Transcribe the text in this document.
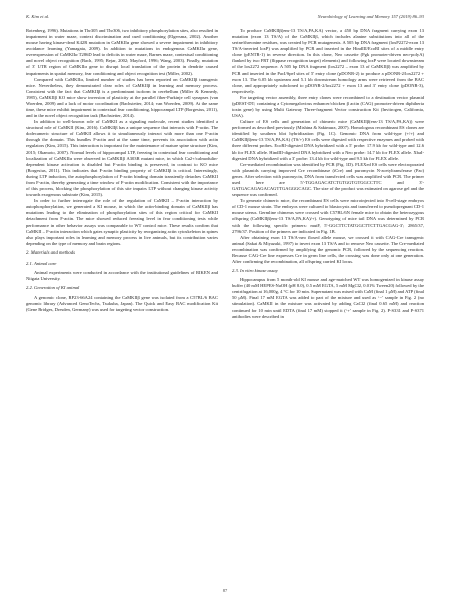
K. Kim et al.	Neurobiology of Learning and Memory 157 (2019) 86–93

Rotenberg, 1996). Mutations in Thr305 and Thr306, two inhibitory phosphorylation sites, also resulted in impairment in water maze, context discrimination and cued conditioning (Elgersma, 2002). Another mouse having kinase-dead K42R mutation in CaMKIIα gene showed a severe impairment in inhibitory avoidance learning (Yamagata, 2009). In addition to mutations in endogenous CaMKIIα gene, overexpression of CaMKIIα T286D lead to deficits in water maze, Barnes maze, contextual conditioning and novel object recognition (Bach, 1995; Bejar, 2002; Mayford, 1996; Wang, 2003). Finally, mutation of 3′ UTR region of CaMKIIα gene to disrupt local translation of the protein in dendrite caused impairments in spatial memory, fear conditioning and object recognition test (Miller, 2002).

Compared with CaMKIIα, limited number of studies has been reported on CaMKIIβ transgenic mice. Nevertheless, they demonstrated clear roles of CaMKIIβ in learning and memory process. Consistent with the fact that CaMKIIβ is a predominant isoform in cerebellum (Miller & Kennedy, 1985), CaMKIIβ KO mice show inversion of plasticity at the parallel fiber-Purkinje cell synapses (van Woerden, 2009) and a lack of motor coordination (Bachstetter, 2014; van Woerden, 2009). At the same time, these mice exhibit impairment in contextual fear conditioning, hippocampal LTP (Borgesius, 2011), and in the novel object recognition task (Bachstetter, 2014).

In addition to well-known role of CaMKII as a signaling molecule, recent studies identified a structural role of CaMKII (Kim, 2016). CaMKIIβ has a unique sequence that interacts with F-actin. The dodecameric structure of CaMKII allows it to simultaneously interact with more than one F-actin through the domain. This bundles F-actin and at the same time, prevents its association with actin regulators (Kim, 2015). This interaction is important for the maintenance of mature spine structure (Kim, 2015; Okamoto, 2007). Normal levels of hippocampal LTP, freezing in contextual fear conditioning and localization of CaMKIIα were observed in CaMKIIβ A303R mutant mice, in which Ca2+/calmodulin-dependent kinase activation is disabled but F-actin binding is preserved, in contrast to KO mice (Borgesius, 2011). This indicates that F-actin binding property of CaMKIIβ is critical. Interestingly, during LTP induction, the autophosphorylation of F-actin binding domain transiently detaches CaMKII from F-actin, thereby generating a time window of F-actin modification. Consistent with the importance of this process, blocking the phosphorylation of this site impairs LTP without changing kinase activity towards exogenous substrate (Kim, 2015).

In order to further interrogate the role of the regulation of CaMKII – F-actin interaction by autophosphorylation, we generated a KI mouse, in which the actin-binding domain of CaMKIIβ has mutations leading to the elimination of phosphorylation sites of this region critical for CaMKII detachment from F-actin. The mice showed reduced freezing level in fear conditioning tests while performance in other behavior assays was comparable to WT control mice. These results confirm that CaMKII – F-actin interaction which gates synaptic plasticity by reorganizing actin cytoskeleton in spines also plays important roles in learning and memory process in live animals, but its contribution varies depending on the type of memory and brain regions.

2. Materials and methods
2.1. Animal care

Animal experiments were conducted in accordance with the institutional guidelines of RIKEN and Niigata University.

2.2. Generation of KI animal

A genomic clone, RP23-66A24 containing the CaMKIIβ gene was isolated from a C57BL/6 BAC genomic library (Advanced GenoTechs, Tsukuba, Japan). The Quick and Easy BAC modification Kit (Gene Bridges, Dresden, Germany) was used for targeting vector construction.

To produce CaMKIIβ(ens-13 TS/A,PA,KA) vector, a 450 bp DNA fragment carrying exon 13 mutation (exon 13 TS/A) of the CaMKIIβ, which includes alanine substitutions into all of the serine/threonine residues, was created by PCR mutagenesis. A 505 bp DNA fragment (loxP2272-exon 13 TS/A-inverted loxP) was amplified by PCR and inserted in the HindIII/EcoRI sites of a middle entry clone (pENTR-1) in reverse direction. In this clone, Neo cassette (Pgk promoter-driven neo-polyA) flanked by two FRT (flippase recognition target) elements) and following loxP were located downstream of the lox2272 sequence. A 505 bp DNA fragment (lox2272 – exon 13 of CaMKIIβ) was amplified by PCR and inserted in the PacI/SpeI sites of 5′ entry clone (pDONR-2) to produce a pDONR-2/lox2272 + exon 13. The 6.05 kb upstream and 5.1 kb downstream homology arms were retrieved from the BAC clone, and appropriately subcloned to pDONR-2/lox2272 + exon 13 and 3′ entry clone (pDONR-3), respectively.

For targeting vector assembly, three entry clones were recombined to a destination vector plasmid (pDEST-DT; containing a Cytomegalovirus enhancer/chicken β actin (CAG) promoter-driven diphtheria toxin gene) by using Multi Gateway Three-fragment Vector construction Kit (Invitrogen, California, USA).

Culture of ES cells and generation of chimeric mice (CaMKIIβ(ens-13 TS/A,PA,KA)) were performed as described previously (Mishina & Sakimura, 2007). Homologous recombinant ES clones are identified by southern blot hybridization (Fig. 1C). Genomic DNA from wild-type (+/+) and CaMKIIβ(ens-13 TS/A,PA,KA) (TS/+) ES cells were digested with respective enzymes and probed with three different probes. EcoRI-digested DNA hybridized with a 5′ probe: 17.9 kb for wild-type and 12.6 kb for FLEX allele. HindIII-digested DNA hybridized with a Neo probe: 14.7 kb for FLEX allele. XbaI-digested DNA hybridized with a 3′ probe: 13.4 kb for wild-type and 9.5 kb for FLEX allele.

Cre-mediated recombination was identified by PCR (Fig. 1D). FLEXed ES cells were electroporated with plasmids carrying improved Cre recombinase (iCre) and puromycin N-acetyltransferase (Pac) genes. After selection with puromycin, DNA from transfected cells was amplified with PCR. The primer used here are 5′-TGGAGACATCTGTGGTGTGGCCTTC and 3′-GATGACAGAGACAGTTGAGGGCAGC. The size of the product was estimated on agarose gel and the sequence was confirmed.

To generate chimeric mice, the recombinant ES cells were microinjected into 8-cell-stage embryos of CD-1 mouse strain. The embryos were cultured to blastocysts and transferred to pseudopregnant CD-1 mouse uterus. Germline chimeras were crossed with C57BL/6N female mice to obtain the heterozygous offspring (CaMKIIβ(ens-13 TS/A,PA,KA)/+). Genotyping of mice tail DNA was determined by PCR with the following specific primers: mutF, 5′-GGCTTCTATGGCTTCTTGACGAG-3′; 2865/37, 2796/37. Position of the primers are indicated in Fig. 1B.

After obtaining exon 13 TS/A-neo floxed allele mouse, we crossed it with CAG-Cre transgenic animal (Sakai & Miyazaki, 1997) to invert exon 13 TS/A and to remove Neo cassette. The Cre-mediated recombination was confirmed by amplifying the genomic PCR, followed by the sequencing reaction. Because CAG-Cre line expresses Cre in germ line cells, the crossing was done only at one generation. After confirming the recombination, all offspring carried KI locus.

2.3. In vitro kinase assay

Hippocampus from 5 month-old KI mouse and age-matched WT was homogenized in kinase assay buffer (40 mM HEPES-NaOH (pH 8.0), 0.5 mM EGTA, 5 mM MgCl2, 0.01% Tween20) followed by the centrifugation at 16,000g, 4 °C for 10 min. Supernatant was mixed with CaM (final 1 μM) and ATP (final 50 μM). Final 17 mM EGTA was added to part of the mixture and used as ‘−’ sample in Fig. 2 (no stimulation). CaMKII in the mixture was activated by adding CaCl2 (final 0.65 mM) and reaction continued for 10 min until EDTA (final 17 mM) stopped it (‘+’ sample in Fig. 2). P-S331 and P-S371 antibodies were described in

87
